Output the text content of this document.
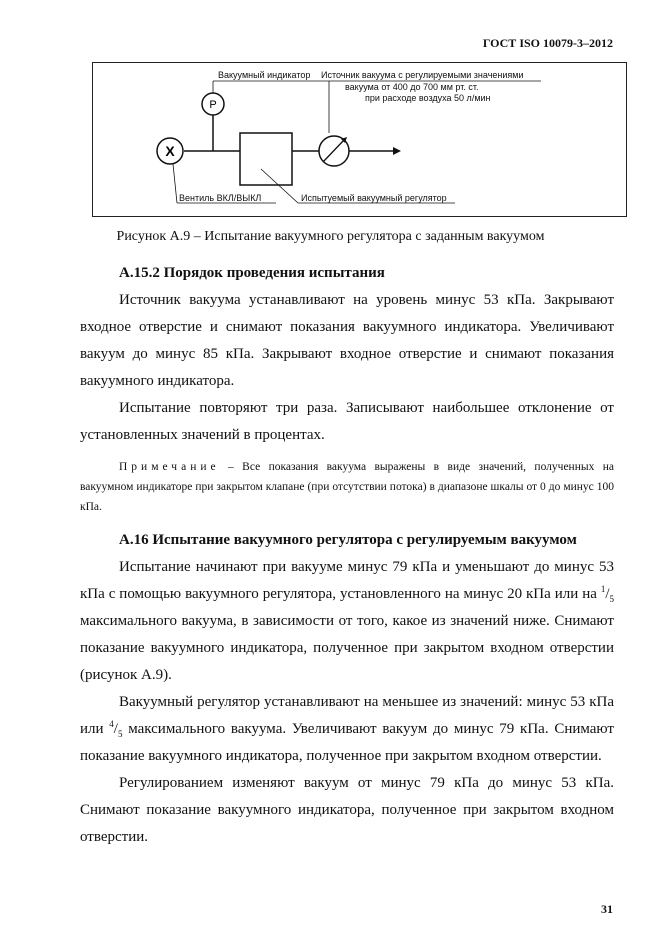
ГОСТ ISO 10079-3–2012
X
P
Вакуумный индикатор Источник вакуума с регулируемыми значениями
вакуума от 400 до 700 мм рт. ст.
при расходе воздуха 50 л/мин
Вентиль ВКЛ/ВЫКЛ	Испытуемый вакуумный регулятор
Рисунок А.9 – Испытание вакуумного регулятора с заданным вакуумом

А.15.2 Порядок проведения испытания

Источник вакуума устанавливают на уровень минус 53 кПа. Закрывают входное отверстие и снимают показания вакуумного индикатора. Увеличивают вакуум до минус 85 кПа. Закрывают входное отверстие и снимают показания вакуумного индикатора.

Испытание повторяют три раза. Записывают наибольшее отклонение от установленных значений в процентах.

Примечание – Все показания вакуума выражены в виде значений, полученных на вакуумном индикаторе при закрытом клапане (при отсутствии потока) в диапазоне шкалы от 0 до минус 100 кПа.

А.16 Испытание вакуумного регулятора с регулируемым вакуумом

Испытание начинают при вакууме минус 79 кПа и уменьшают до минус 53 кПа с помощью вакуумного регулятора, установленного на минус 20 кПа или на $^1/_5$ максимального вакуума, в зависимости от того, какое из значений ниже. Снимают показание вакуумного индикатора, полученное при закрытом входном отверстии (рисунок А.9).

Вакуумный регулятор устанавливают на меньшее из значений: минус 53 кПа или $^4/_5$ максимального вакуума. Увеличивают вакуум до минус 79 кПа. Снимают показание вакуумного индикатора, полученное при закрытом входном отверстии.

Регулированием изменяют вакуум от минус 79 кПа до минус 53 кПа. Снимают показание вакуумного индикатора, полученное при закрытом входном отверстии.

31
